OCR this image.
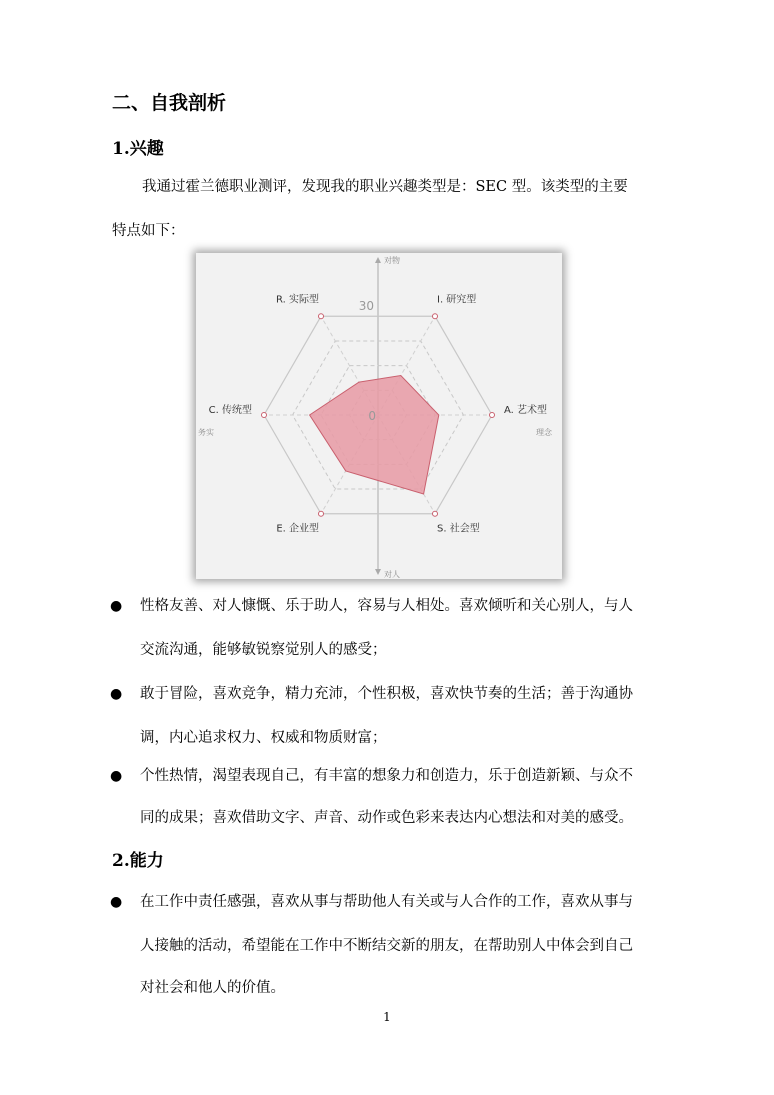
二、自我剖析
1.兴趣
我通过霍兰德职业测评，发现我的职业兴趣类型是：SEC 型。该类型的主要
特点如下：
R. 实际型	I. 研究型
A. 艺术型
S. 社会型
E. 企业型
C. 传统型
30
0
对物
对人
务实	理念
● 性格友善、对人慷慨、乐于助人，容易与人相处。喜欢倾听和关心别人，与人
交流沟通，能够敏锐察觉别人的感受；
● 敢于冒险，喜欢竞争，精力充沛，个性积极，喜欢快节奏的生活；善于沟通协
调，内心追求权力、权威和物质财富；
● 个性热情，渴望表现自己，有丰富的想象力和创造力，乐于创造新颖、与众不
同的成果；喜欢借助文字、声音、动作或色彩来表达内心想法和对美的感受。
2.能力
● 在工作中责任感强，喜欢从事与帮助他人有关或与人合作的工作，喜欢从事与
人接触的活动，希望能在工作中不断结交新的朋友，在帮助别人中体会到自己
对社会和他人的价值。
1
